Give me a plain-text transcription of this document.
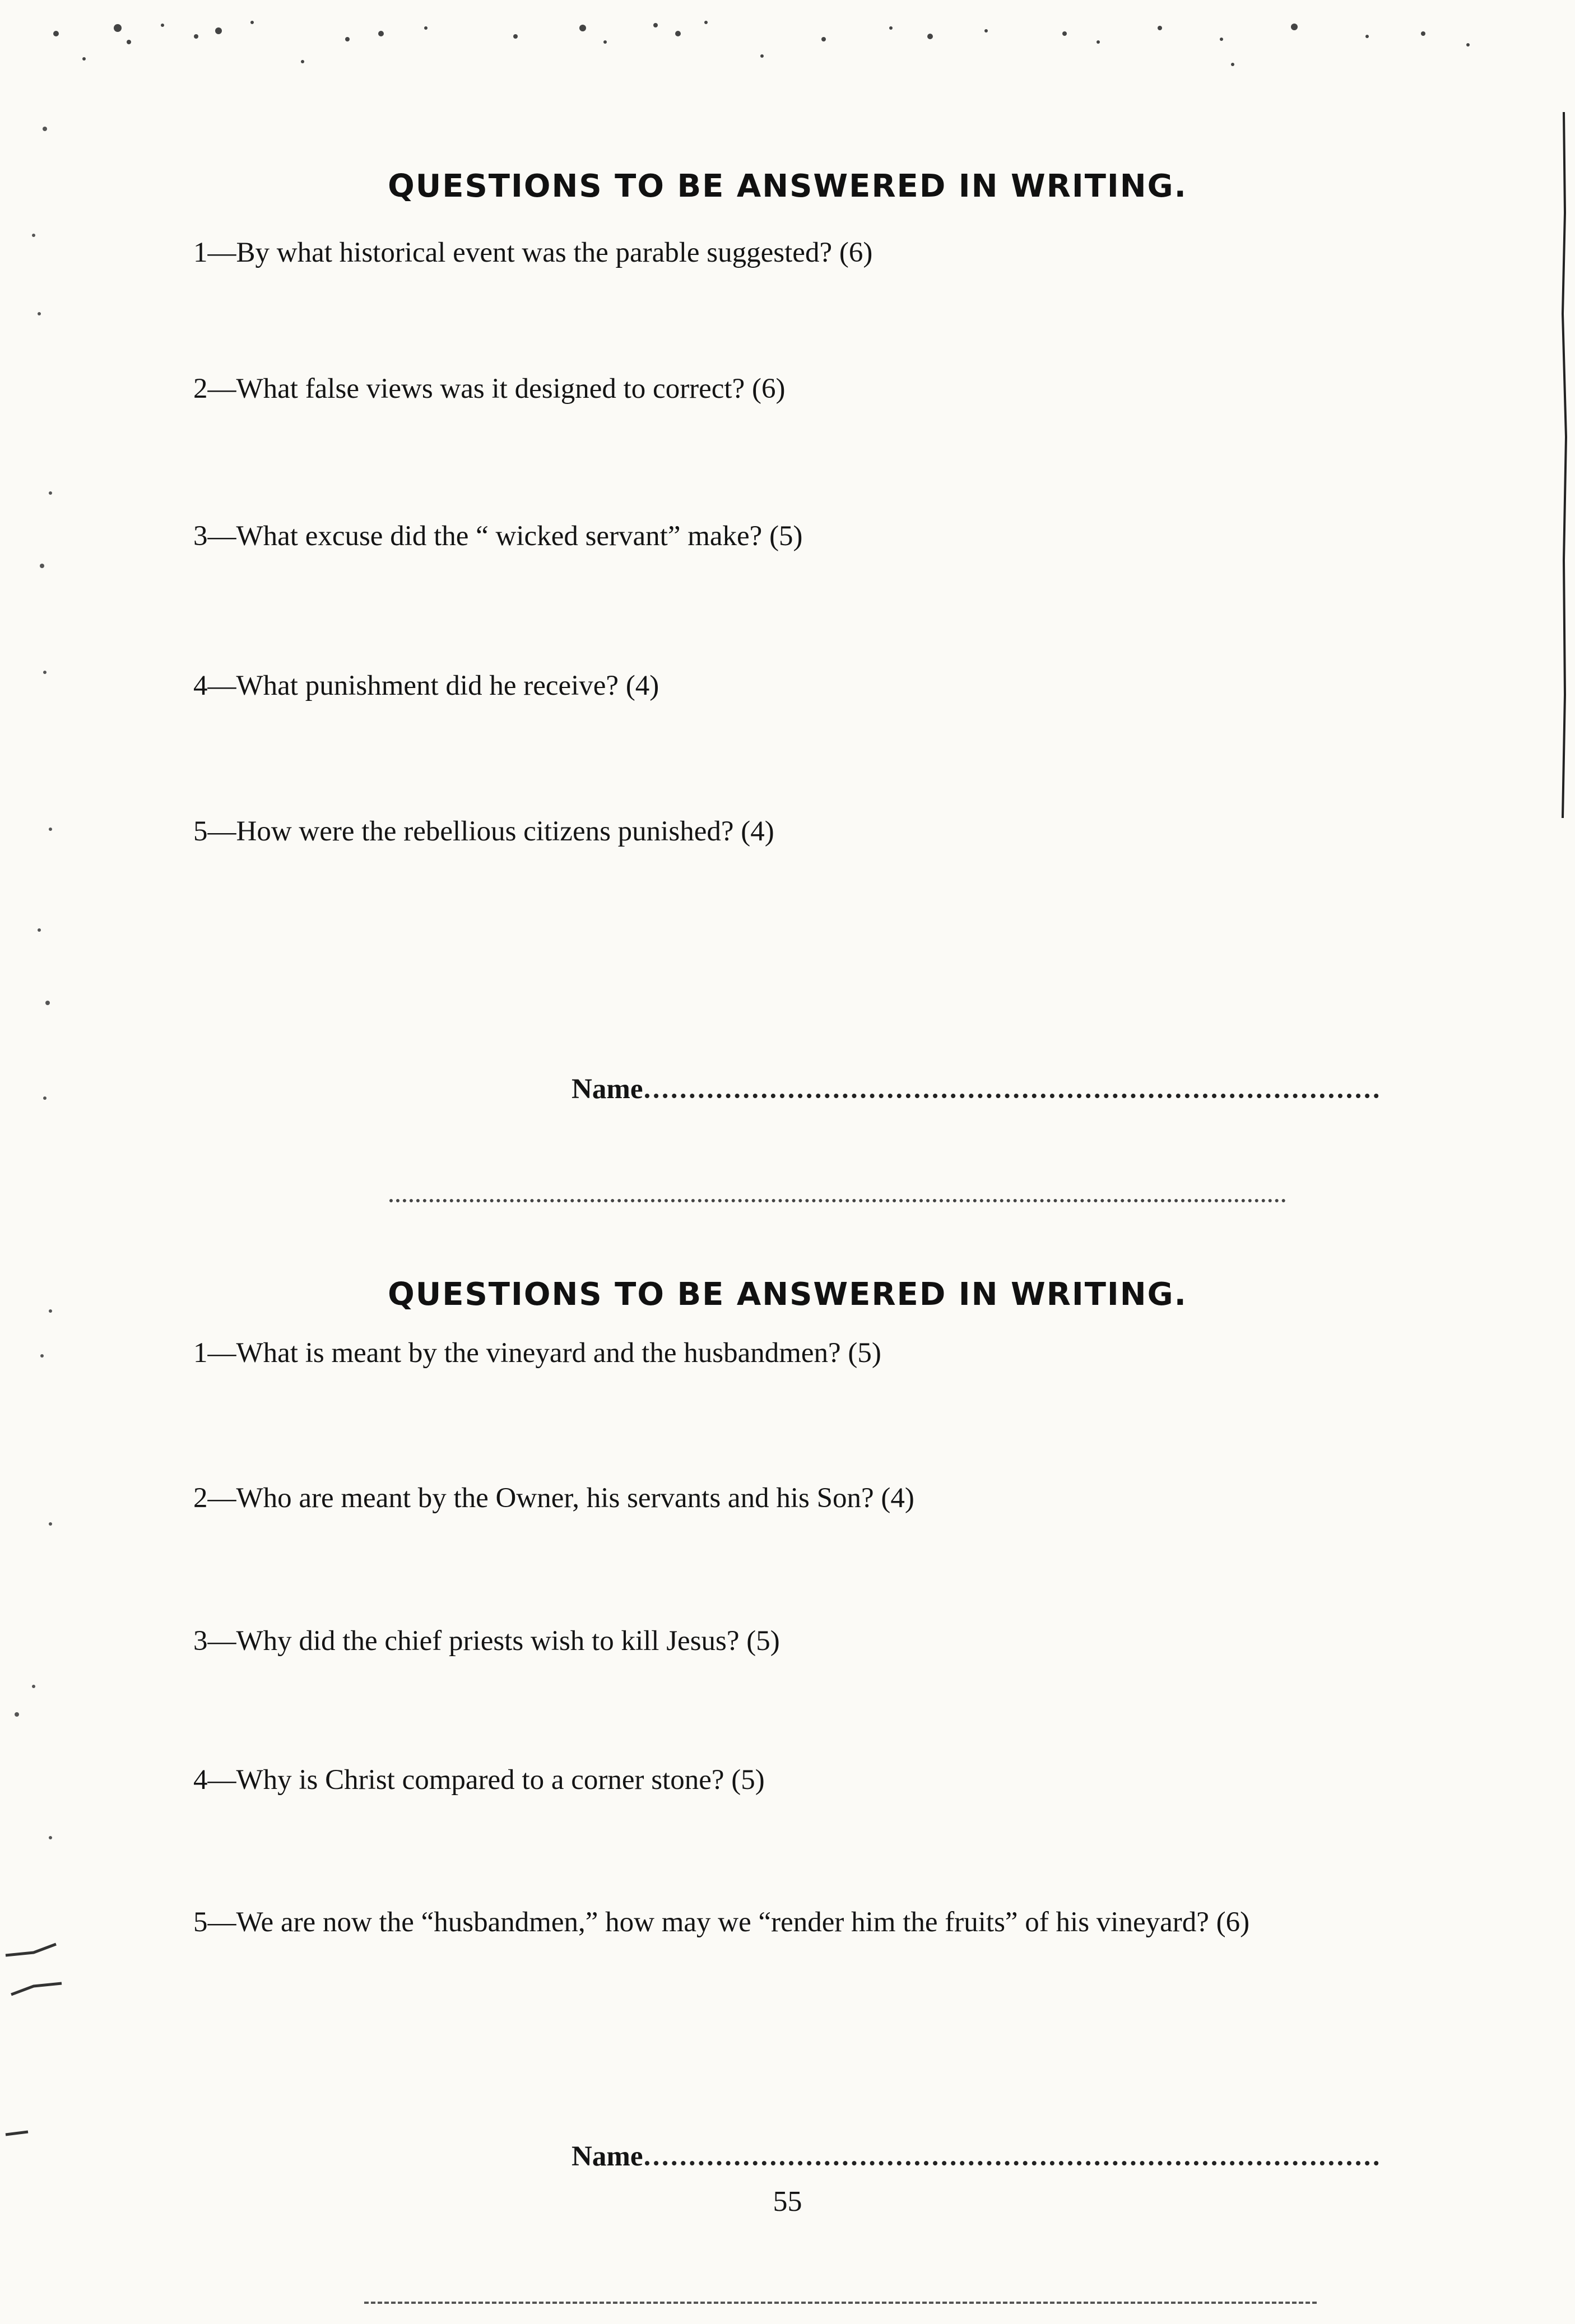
QUESTIONS TO BE ANSWERED IN WRITING.
1—By what historical event was the parable suggested? (6)
2—What false views was it designed to correct? (6)
3—What excuse did the “ wicked servant” make? (5)
4—What punishment did he receive? (4)
5—How were the rebellious citizens punished? (4)
Name
QUESTIONS TO BE ANSWERED IN WRITING.
1—What is meant by the vineyard and the husbandmen? (5)
2—Who are meant by the Owner, his servants and his Son? (4)
3—Why did the chief priests wish to kill Jesus? (5)
4—Why is Christ compared to a corner stone? (5)
5—We are now the “husbandmen,” how may we “render him the fruits” of his vineyard? (6)
Name
55
